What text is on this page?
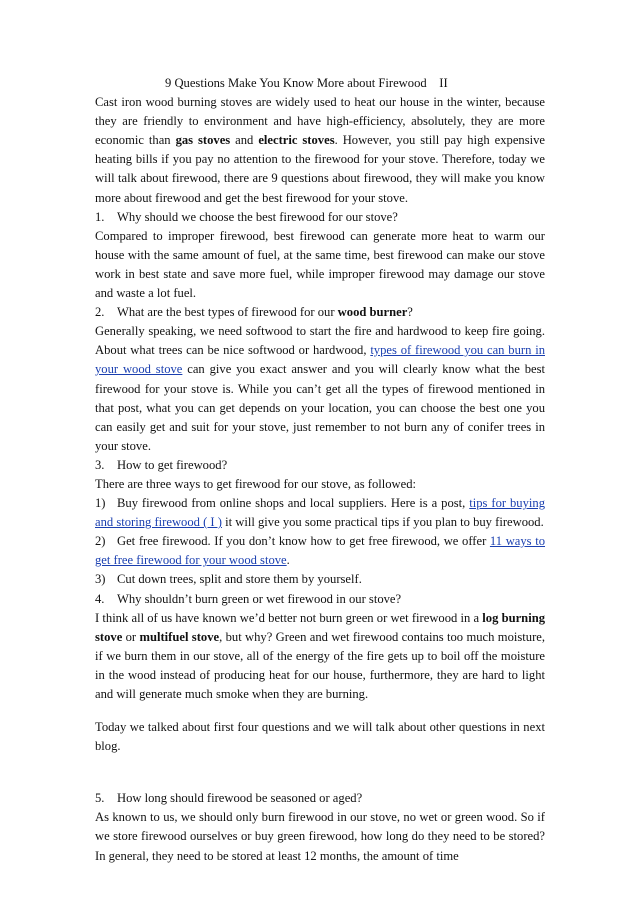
9 Questions Make You Know More about Firewood    II

Cast iron wood burning stoves are widely used to heat our house in the winter, because they are friendly to environment and have high-efficiency, absolutely, they are more economic than gas stoves and electric stoves. However, you still pay high expensive heating bills if you pay no attention to the firewood for your stove. Therefore, today we will talk about firewood, there are 9 questions about firewood, they will make you know more about firewood and get the best firewood for your stove.

1. Why should we choose the best firewood for our stove?

Compared to improper firewood, best firewood can generate more heat to warm our house with the same amount of fuel, at the same time, best firewood can make our stove work in best state and save more fuel, while improper firewood may damage our stove and waste a lot fuel.

2. What are the best types of firewood for our wood burner?

Generally speaking, we need softwood to start the fire and hardwood to keep fire going. About what trees can be nice softwood or hardwood, types of firewood you can burn in your wood stove can give you exact answer and you will clearly know what the best firewood for your stove is. While you can’t get all the types of firewood mentioned in that post, what you can get depends on your location, you can choose the best one you can easily get and suit for your stove, just remember to not burn any of conifer trees in your stove.

3. How to get firewood?

There are three ways to get firewood for our stove, as followed:

1) Buy firewood from online shops and local suppliers. Here is a post, tips for buying and storing firewood ( I ) it will give you some practical tips if you plan to buy firewood.

2) Get free firewood. If you don’t know how to get free firewood, we offer 11 ways to get free firewood for your wood stove.

3) Cut down trees, split and store them by yourself.

4. Why shouldn’t burn green or wet firewood in our stove?

I think all of us have known we’d better not burn green or wet firewood in a log burning stove or multifuel stove, but why? Green and wet firewood contains too much moisture, if we burn them in our stove, all of the energy of the fire gets up to boil off the moisture in the wood instead of producing heat for our house, furthermore, they are hard to light and will generate much smoke when they are burning.

Today we talked about first four questions and we will talk about other questions in next blog.

5. How long should firewood be seasoned or aged?

As known to us, we should only burn firewood in our stove, no wet or green wood. So if we store firewood ourselves or buy green firewood, how long do they need to be stored? In general, they need to be stored at least 12 months, the amount of time
